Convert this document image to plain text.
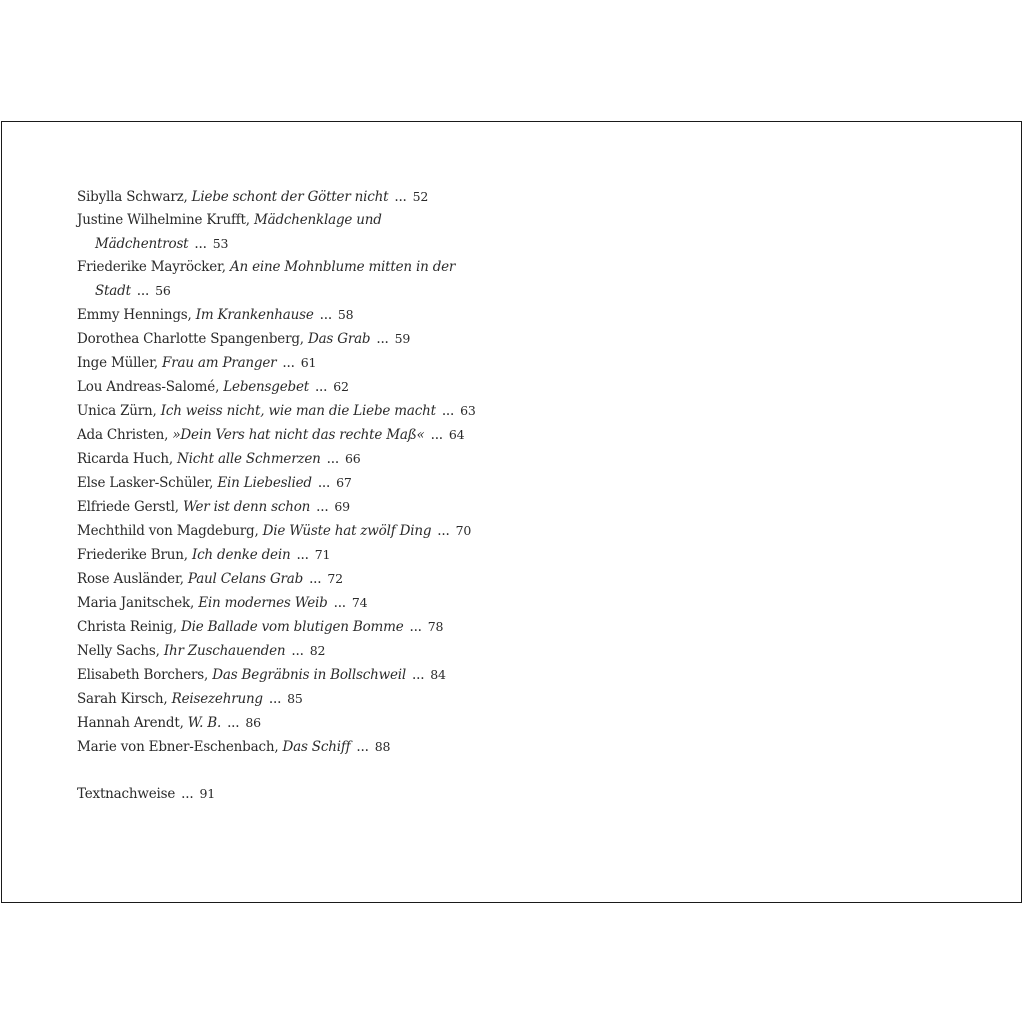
Sibylla Schwarz, Liebe schont der Götter nicht ... 52
Justine Wilhelmine Krufft, Mädchenklage und
Mädchentrost ... 53
Friederike Mayröcker, An eine Mohnblume mitten in der
Stadt ... 56
Emmy Hennings, Im Krankenhause ... 58
Dorothea Charlotte Spangenberg, Das Grab ... 59
Inge Müller, Frau am Pranger ... 61
Lou Andreas-Salomé, Lebensgebet ... 62
Unica Zürn, Ich weiss nicht, wie man die Liebe macht ... 63
Ada Christen, »Dein Vers hat nicht das rechte Maß« ... 64
Ricarda Huch, Nicht alle Schmerzen ... 66
Else Lasker-Schüler, Ein Liebeslied ... 67
Elfriede Gerstl, Wer ist denn schon ... 69
Mechthild von Magdeburg, Die Wüste hat zwölf Ding ... 70
Friederike Brun, Ich denke dein ... 71
Rose Ausländer, Paul Celans Grab ... 72
Maria Janitschek, Ein modernes Weib ... 74
Christa Reinig, Die Ballade vom blutigen Bomme ... 78
Nelly Sachs, Ihr Zuschauenden ... 82
Elisabeth Borchers, Das Begräbnis in Bollschweil ... 84
Sarah Kirsch, Reisezehrung ... 85
Hannah Arendt, W. B. ... 86
Marie von Ebner-Eschenbach, Das Schiff ... 88
Textnachweise ... 91
